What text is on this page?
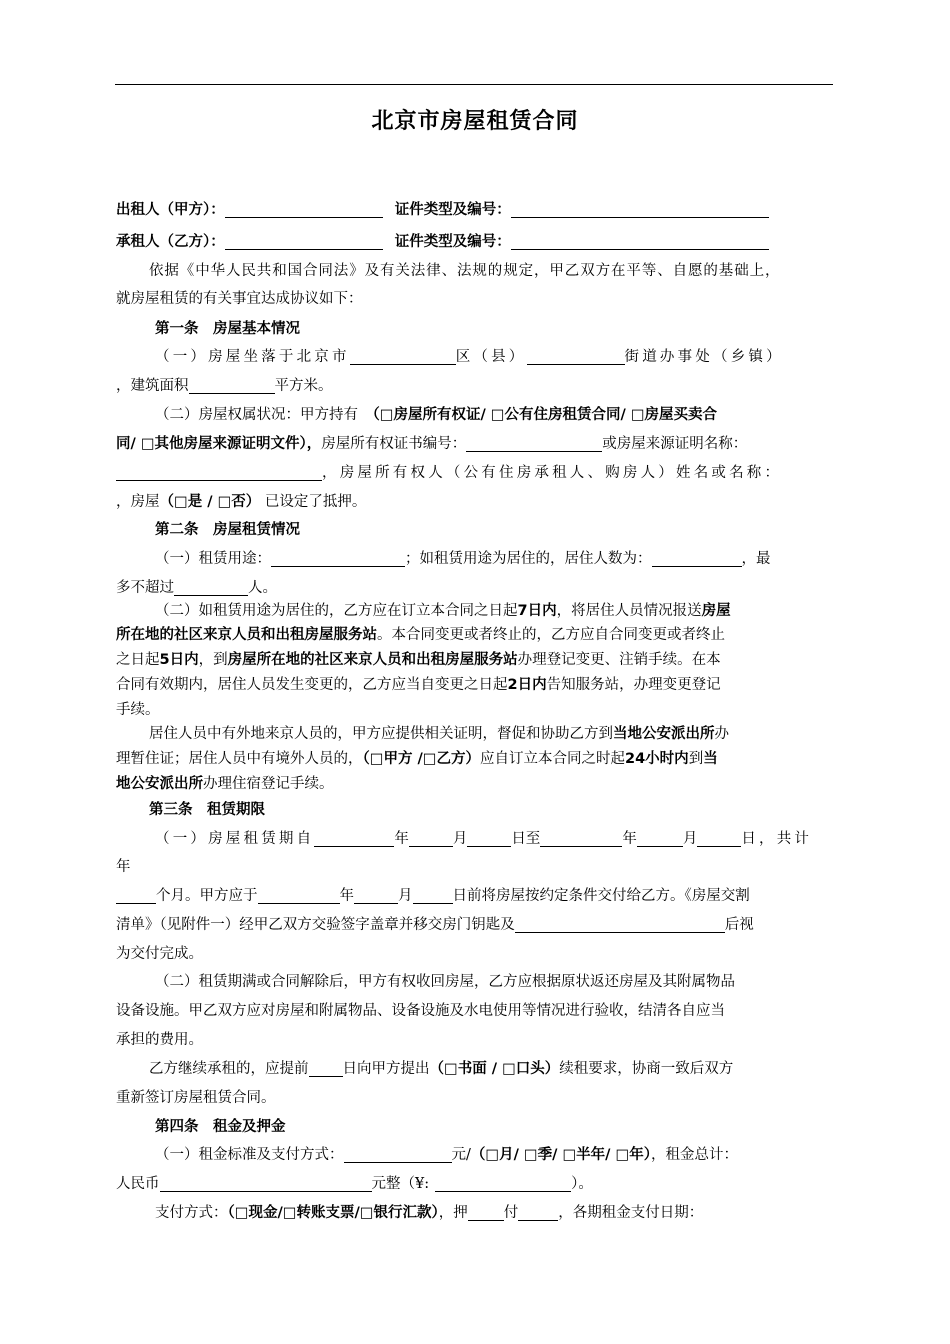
北京市房屋租赁合同
出租人（甲方）：	证件类型及编号：
承租人（乙方）：	证件类型及编号：
依据《中华人民共和国合同法》及有关法律、法规的规定，甲乙双方在平等、自愿的基础上，
就房屋租赁的有关事宜达成协议如下：
第一条　房屋基本情况
（一）房屋坐落于北京市	区（县）	街道办事处（乡镇）
，建筑面积	平方米。
（二）房屋权属状况：甲方持有　（□房屋所有权证/ □公有住房租赁合同/ □房屋买卖合
同/ □其他房屋来源证明文件），房屋所有权证书编号：	或房屋来源证明名称：
，房屋所有权人（公有住房承租人、购房人）姓名或名称：
，房屋（□是 / □否） 已设定了抵押。
第二条　房屋租赁情况
（一）租赁用途：	；如租赁用途为居住的，居住人数为：	，最
多不超过	人。
（二）如租赁用途为居住的，乙方应在订立本合同之日起7日内，将居住人员情况报送房屋
所在地的社区来京人员和出租房屋服务站。本合同变更或者终止的，乙方应自合同变更或者终止
之日起5日内，到房屋所在地的社区来京人员和出租房屋服务站办理登记变更、注销手续。在本
合同有效期内，居住人员发生变更的，乙方应当自变更之日起2日内告知服务站，办理变更登记
手续。
居住人员中有外地来京人员的，甲方应提供相关证明，督促和协助乙方到当地公安派出所办
理暂住证；居住人员中有境外人员的，（□甲方 /□乙方）应自订立本合同之时起24小时内到当
地公安派出所办理住宿登记手续。
第三条　租赁期限
（一）房屋租赁期自	年	月	日至	年	月	日，共计
年
个月。甲方应于	年	月	日前将房屋按约定条件交付给乙方。《房屋交割
清单》（见附件一）经甲乙双方交验签字盖章并移交房门钥匙及	后视
为交付完成。
（二）租赁期满或合同解除后，甲方有权收回房屋，乙方应根据原状返还房屋及其附属物品
设备设施。甲乙双方应对房屋和附属物品、设备设施及水电使用等情况进行验收，结清各自应当
承担的费用。
乙方继续承租的，应提前 日向甲方提出（□书面 / □口头）续租要求，协商一致后双方
重新签订房屋租赁合同。
第四条　租金及押金
（一）租金标准及支付方式：	元/（□月/ □季/ □半年/ □年），租金总计：
人民币	元整（¥:	）。
支付方式：（□现金/□转账支票/□银行汇款），押 付	，各期租金支付日期：
